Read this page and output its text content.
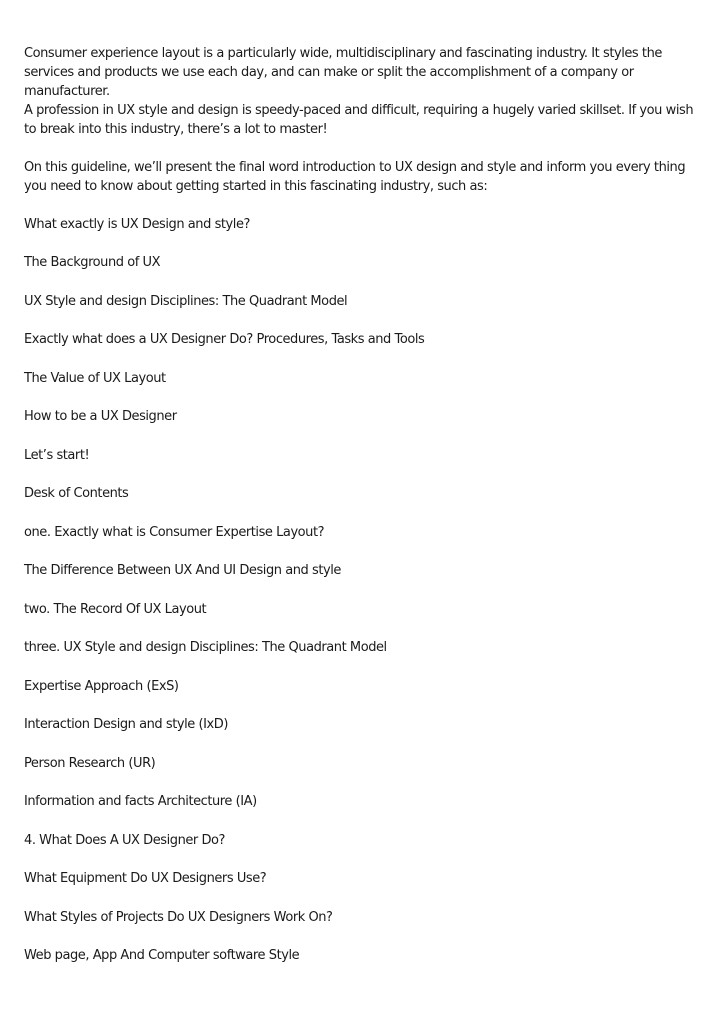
Consumer experience layout is a particularly wide, multidisciplinary and fascinating industry. It styles the services and products we use each day, and can make or split the accomplishment of a company or manufacturer.

A profession in UX style and design is speedy-paced and difficult, requiring a hugely varied skillset. If you wish to break into this industry, there’s a lot to master!

On this guideline, we’ll present the final word introduction to UX design and style and inform you every thing you need to know about getting started in this fascinating industry, such as:

What exactly is UX Design and style?

The Background of UX

UX Style and design Disciplines: The Quadrant Model

Exactly what does a UX Designer Do? Procedures, Tasks and Tools

The Value of UX Layout

How to be a UX Designer

Let’s start!

Desk of Contents

one. Exactly what is Consumer Expertise Layout?

The Difference Between UX And UI Design and style

two. The Record Of UX Layout

three. UX Style and design Disciplines: The Quadrant Model

Expertise Approach (ExS)

Interaction Design and style (IxD)

Person Research (UR)

Information and facts Architecture (IA)

4. What Does A UX Designer Do?

What Equipment Do UX Designers Use?

What Styles of Projects Do UX Designers Work On?

Web page, App And Computer software Style
